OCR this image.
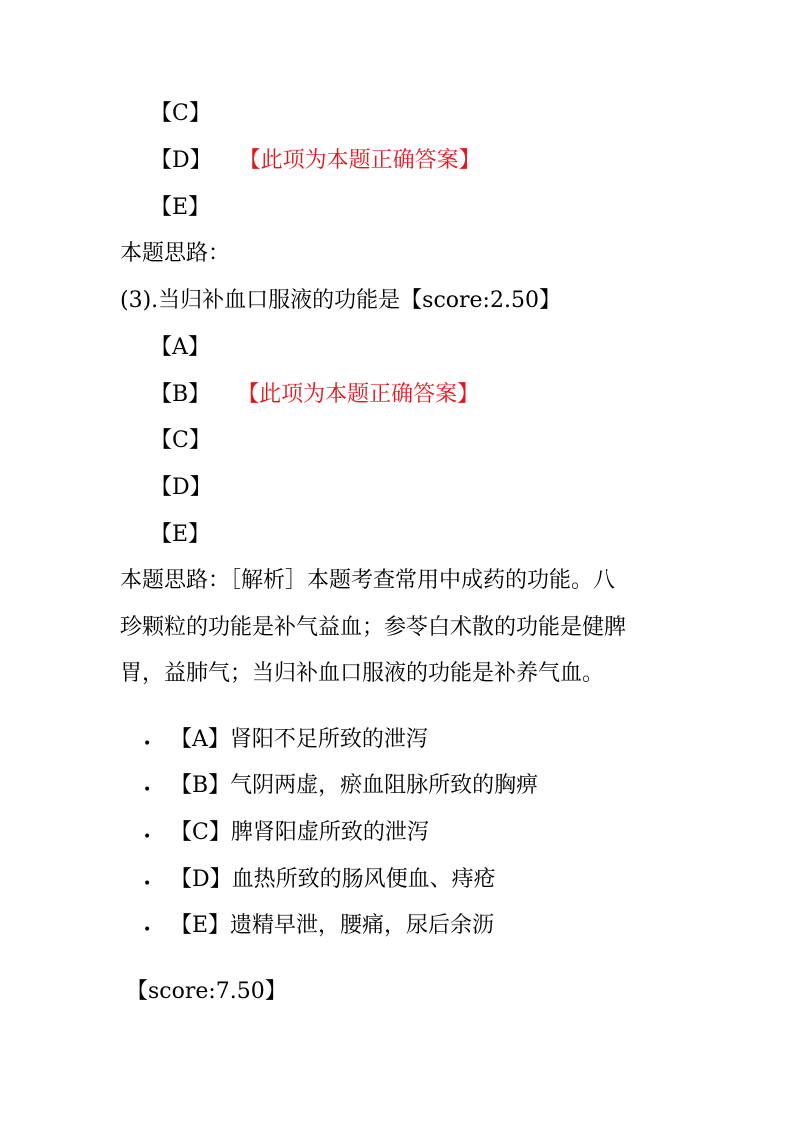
【C】
【D】 【此项为本题正确答案】
【E】
本题思路：
(3).当归补血口服液的功能是【score:2.50】
【A】
【B】 【此项为本题正确答案】
【C】
【D】
【E】
本题思路：［解析］本题考查常用中成药的功能。八
珍颗粒的功能是补气益血；参苓白术散的功能是健脾
胃，益肺气；当归补血口服液的功能是补养气血。
• 【A】肾阳不足所致的泄泻
• 【B】气阴两虚，瘀血阻脉所致的胸痹
• 【C】脾肾阳虚所致的泄泻
• 【D】血热所致的肠风便血、痔疮
• 【E】遗精早泄，腰痛，尿后余沥
【score:7.50】
